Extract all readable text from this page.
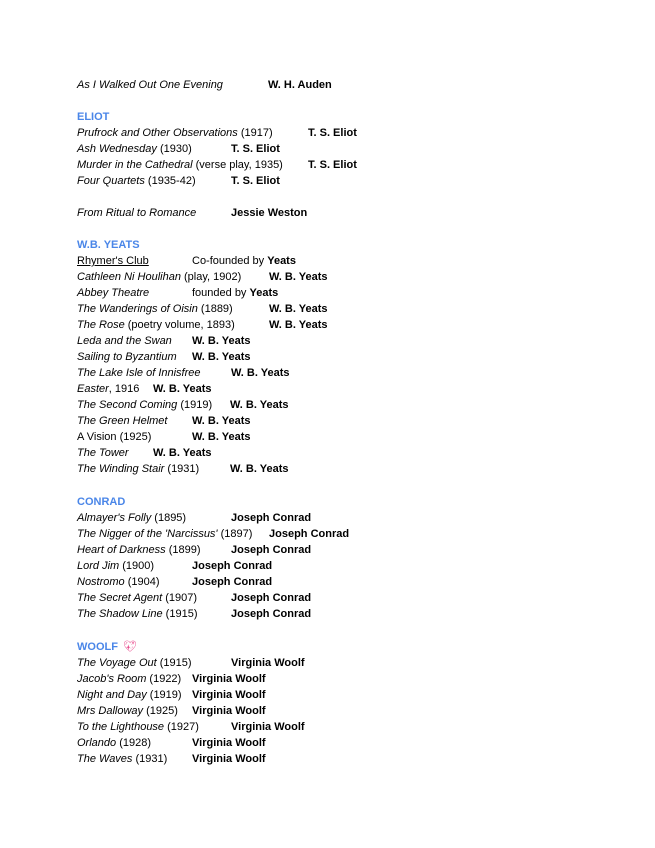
As I Walked Out One Evening	W. H. Auden
ELIOT
Prufrock and Other Observations (1917)	T. S. Eliot
Ash Wednesday (1930)	T. S. Eliot
Murder in the Cathedral (verse play, 1935) T. S. Eliot
Four Quartets (1935-42)	T. S. Eliot
From Ritual to Romance	Jessie Weston
W.B. YEATS
Rhymer's Club	Co-founded by Yeats
Cathleen Ni Houlihan (play, 1902)	W. B. Yeats
Abbey Theatre	founded by Yeats
The Wanderings of Oisin (1889)	W. B. Yeats
The Rose (poetry volume, 1893)	W. B. Yeats
Leda and the Swan W. B. Yeats
Sailing to Byzantium W. B. Yeats
The Lake Isle of Innisfree	W. B. Yeats
Easter, 1916 W. B. Yeats
The Second Coming (1919) W. B. Yeats
The Green Helmet W. B. Yeats
A Vision (1925)	W. B. Yeats
The Tower W. B. Yeats
The Winding Stair (1931)	W. B. Yeats
CONRAD
Almayer's Folly (1895)	Joseph Conrad
The Nigger of the 'Narcissus' (1897) Joseph Conrad
Heart of Darkness (1899)	Joseph Conrad
Lord Jim (1900)	Joseph Conrad
Nostromo (1904)	Joseph Conrad
The Secret Agent (1907)	Joseph Conrad
The Shadow Line (1915)	Joseph Conrad
WOOLF 💖︎
The Voyage Out (1915)	Virginia Woolf
Jacob's Room (1922) Virginia Woolf
Night and Day (1919) Virginia Woolf
Mrs Dalloway (1925) Virginia Woolf
To the Lighthouse (1927)	Virginia Woolf
Orlando (1928)	Virginia Woolf
The Waves (1931) Virginia Woolf
